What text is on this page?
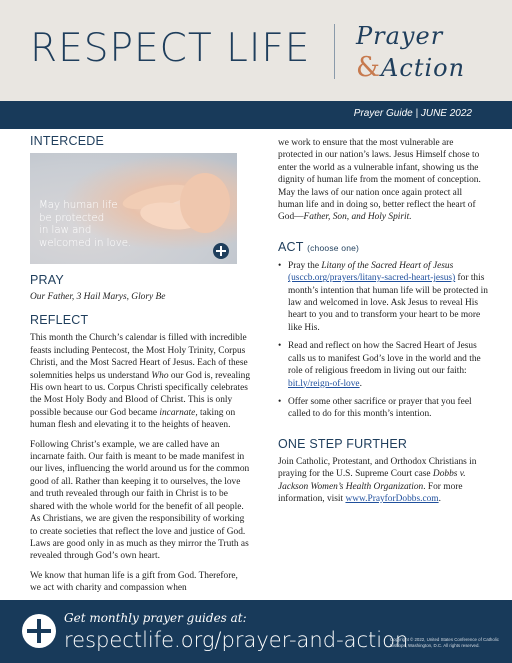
RESPECT LIFE Prayer
&Action
Prayer Guide | JUNE 2022
INTERCEDE
May human life
be protected
in law and
welcomed in love.
PRAY

Our Father, 3 Hail Marys, Glory Be

REFLECT

This month the Church’s calendar is filled with incredible feasts including Pentecost, the Most Holy Trinity, Corpus Christi, and the Most Sacred Heart of Jesus. Each of these solemnities helps us understand Who our God is, revealing His own heart to us. Corpus Christi specifically celebrates the Most Holy Body and Blood of Christ. This is only possible because our God became incarnate, taking on human flesh and elevating it to the heights of heaven.

Following Christ’s example, we are called have an incarnate faith. Our faith is meant to be made manifest in our lives, influencing the world around us for the common good of all. Rather than keeping it to ourselves, the love and truth revealed through our faith in Christ is to be shared with the whole world for the benefit of all people. As Christians, we are given the responsibility of working to create societies that reflect the love and justice of God. Laws are good only in as much as they mirror the Truth as revealed through God’s own heart.

We know that human life is a gift from God. Therefore, we act with charity and compassion when

we work to ensure that the most vulnerable are protected in our nation’s laws. Jesus Himself chose to enter the world as a vulnerable infant, showing us the dignity of human life from the moment of conception. May the laws of our nation once again protect all human life and in doing so, better reflect the heart of God—Father, Son, and Holy Spirit.

ACT (choose one)
• Pray the Litany of the Sacred Heart of Jesus (usccb.org/prayers/litany-sacred-heart-jesus) for this month’s intention that human life will be protected in law and welcomed in love. Ask Jesus to reveal His heart to you and to transform your heart to be more like His.
• Read and reflect on how the Sacred Heart of Jesus calls us to manifest God’s love in the world and the role of religious freedom in living out our faith: bit.ly/reign-of-love.
• Offer some other sacrifice or prayer that you feel called to do for this month’s intention.
ONE STEP FURTHER

Join Catholic, Protestant, and Orthodox Christians in praying for the U.S. Supreme Court case Dobbs v. Jackson Women’s Health Organization. For more information, visit www.PrayforDobbs.com.

Get monthly prayer guides at:
respectlife.org/prayer-and-action
Copyright © 2022, United States Conference of Catholic Bishops, Washington, D.C. All rights reserved.
